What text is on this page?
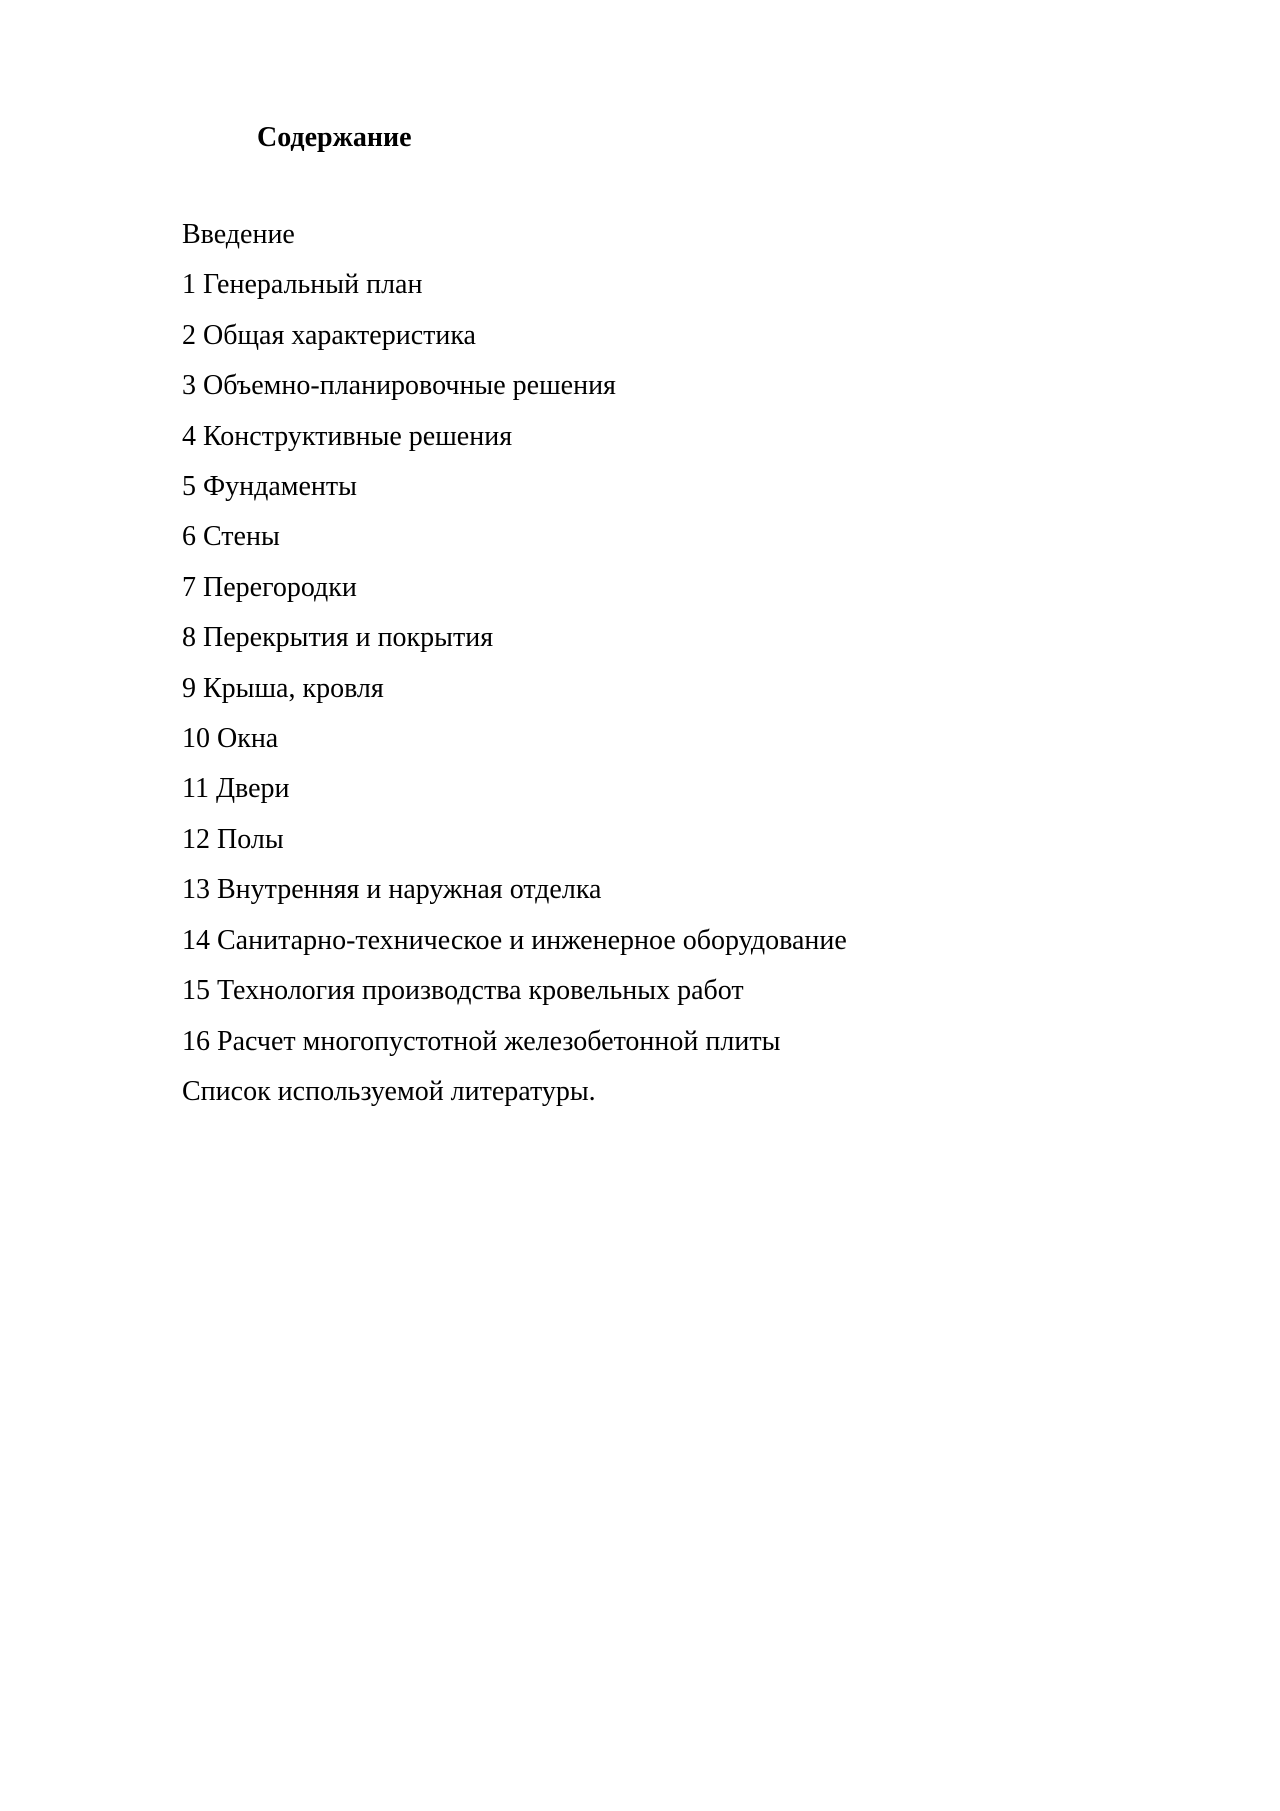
Содержание
Введение
1 Генеральный план
2 Общая характеристика
3 Объемно-планировочные решения
4 Конструктивные решения
5 Фундаменты
6 Стены
7 Перегородки
8 Перекрытия и покрытия
9 Крыша, кровля
10 Окна
11 Двери
12 Полы
13 Внутренняя и наружная отделка
14 Санитарно-техническое и инженерное оборудование
15 Технология производства кровельных работ
16 Расчет многопустотной железобетонной плиты
Список используемой литературы.
